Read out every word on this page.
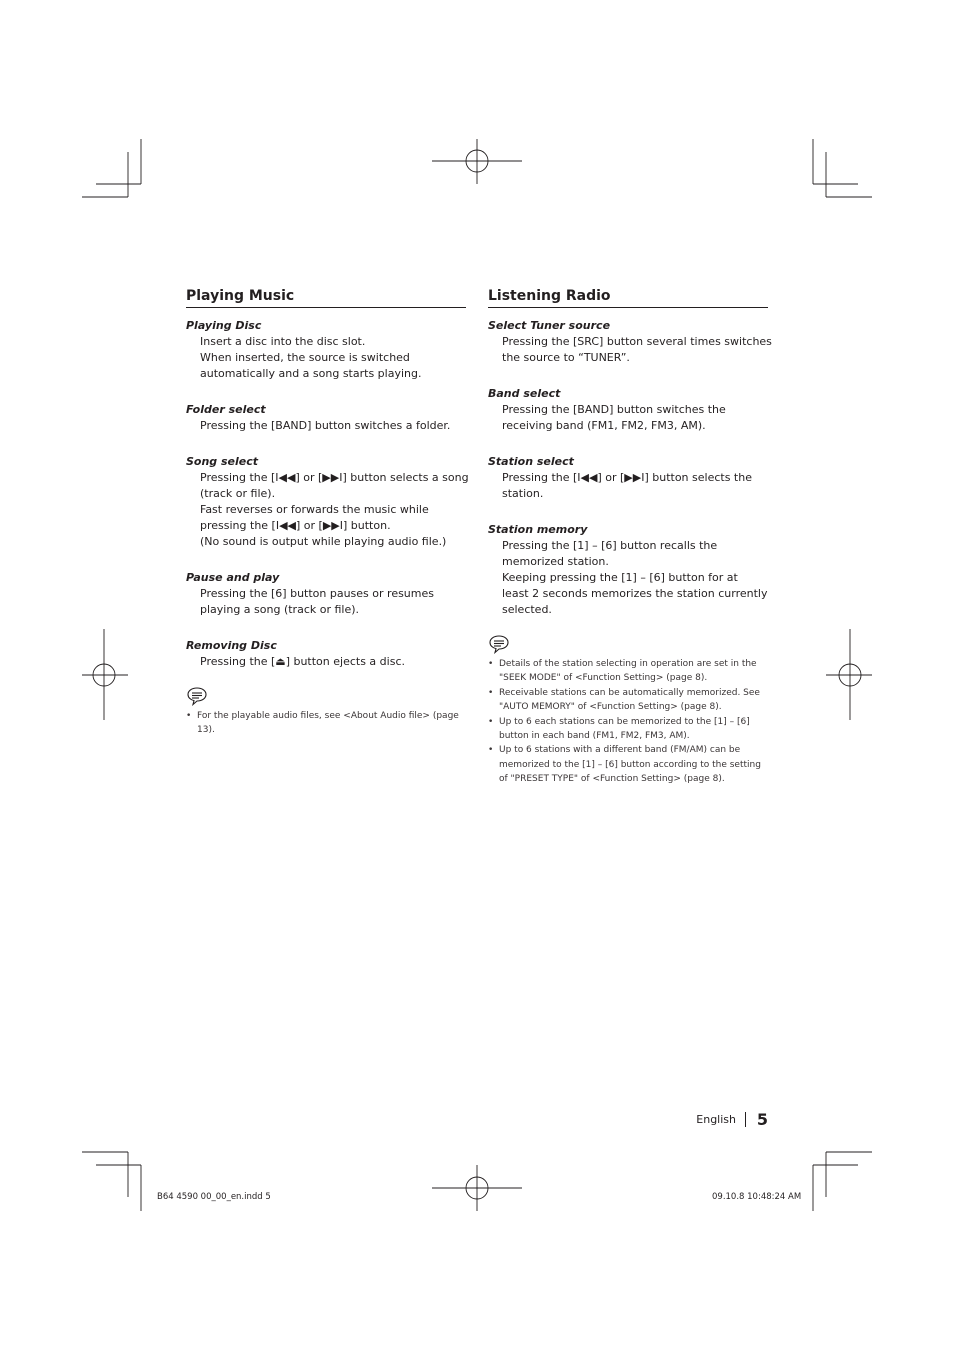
Playing Music
Playing Disc
Insert a disc into the disc slot.
When inserted, the source is switched
automatically and a song starts playing.
Folder select
Pressing the [BAND] button switches a folder.
Song select
Pressing the [I◀◀] or [▶▶I] button selects a song
(track or file).
Fast reverses or forwards the music while
pressing the [I◀◀] or [▶▶I] button.
(No sound is output while playing audio file.)
Pause and play
Pressing the [6] button pauses or resumes
playing a song (track or file).
Removing Disc
Pressing the [⏏] button ejects a disc.
• For the playable audio files, see <About Audio file> (page
13).
Listening Radio
Select Tuner source
Pressing the [SRC] button several times switches
the source to “TUNER”.
Band select
Pressing the [BAND] button switches the
receiving band (FM1, FM2, FM3, AM).
Station select
Pressing the [I◀◀] or [▶▶I] button selects the
station.
Station memory
Pressing the [1] – [6] button recalls the
memorized station.
Keeping pressing the [1] – [6] button for at
least 2 seconds memorizes the station currently
selected.
• Details of the station selecting in operation are set in the
"SEEK MODE" of <Function Setting> (page 8).
• Receivable stations can be automatically memorized. See
"AUTO MEMORY" of <Function Setting> (page 8).
• Up to 6 each stations can be memorized to the [1] – [6]
button in each band (FM1, FM2, FM3, AM).
• Up to 6 stations with a different band (FM/AM) can be
memorized to the [1] – [6] button according to the setting
of "PRESET TYPE" of <Function Setting> (page 8).
English 5
B64 4590 00_00_en.indd 5	09.10.8 10:48:24 AM
